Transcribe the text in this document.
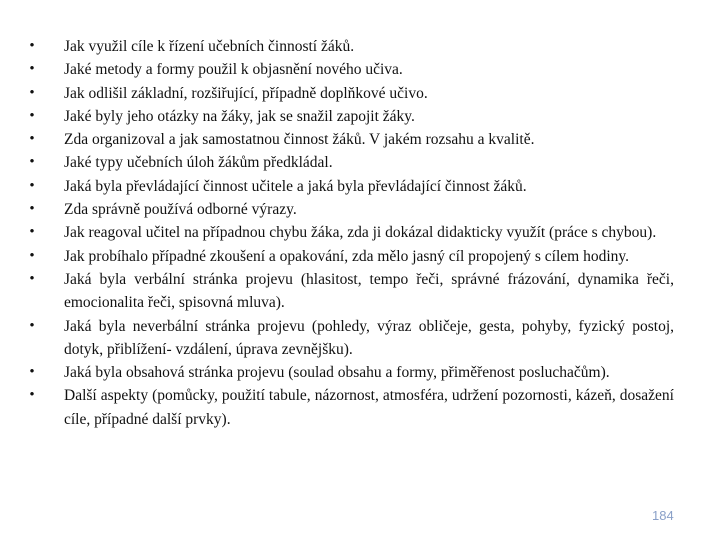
• Jak využil cíle k řízení učebních činností žáků.
• Jaké metody a formy použil k objasnění nového učiva.
• Jak odlišil základní, rozšiřující, případně doplňkové učivo.
• Jaké byly jeho otázky na žáky, jak se snažil zapojit žáky.
• Zda organizoval a jak samostatnou činnost žáků. V jakém rozsahu a kvalitě.
• Jaké typy učebních úloh žákům předkládal.
• Jaká byla převládající činnost učitele a jaká byla převládající činnost žáků.
• Zda správně používá odborné výrazy.
• Jak reagoval učitel na případnou chybu žáka, zda ji dokázal didakticky využít (práce s chybou).
• Jak probíhalo případné zkoušení a opakování, zda mělo jasný cíl propojený s cílem hodiny.
• Jaká byla verbální stránka projevu (hlasitost, tempo řeči, správné frázování, dynamika řeči, emocionalita řeči, spisovná mluva).
• Jaká byla neverbální stránka projevu (pohledy, výraz obličeje, gesta, pohyby, fyzický postoj, dotyk, přiblížení- vzdálení, úprava zevnějšku).
• Jaká byla obsahová stránka projevu (soulad obsahu a formy, přiměřenost posluchačům).
• Další aspekty (pomůcky, použití tabule, názornost, atmosféra, udržení pozornosti, kázeň, dosažení cíle, případné další prvky).
184
